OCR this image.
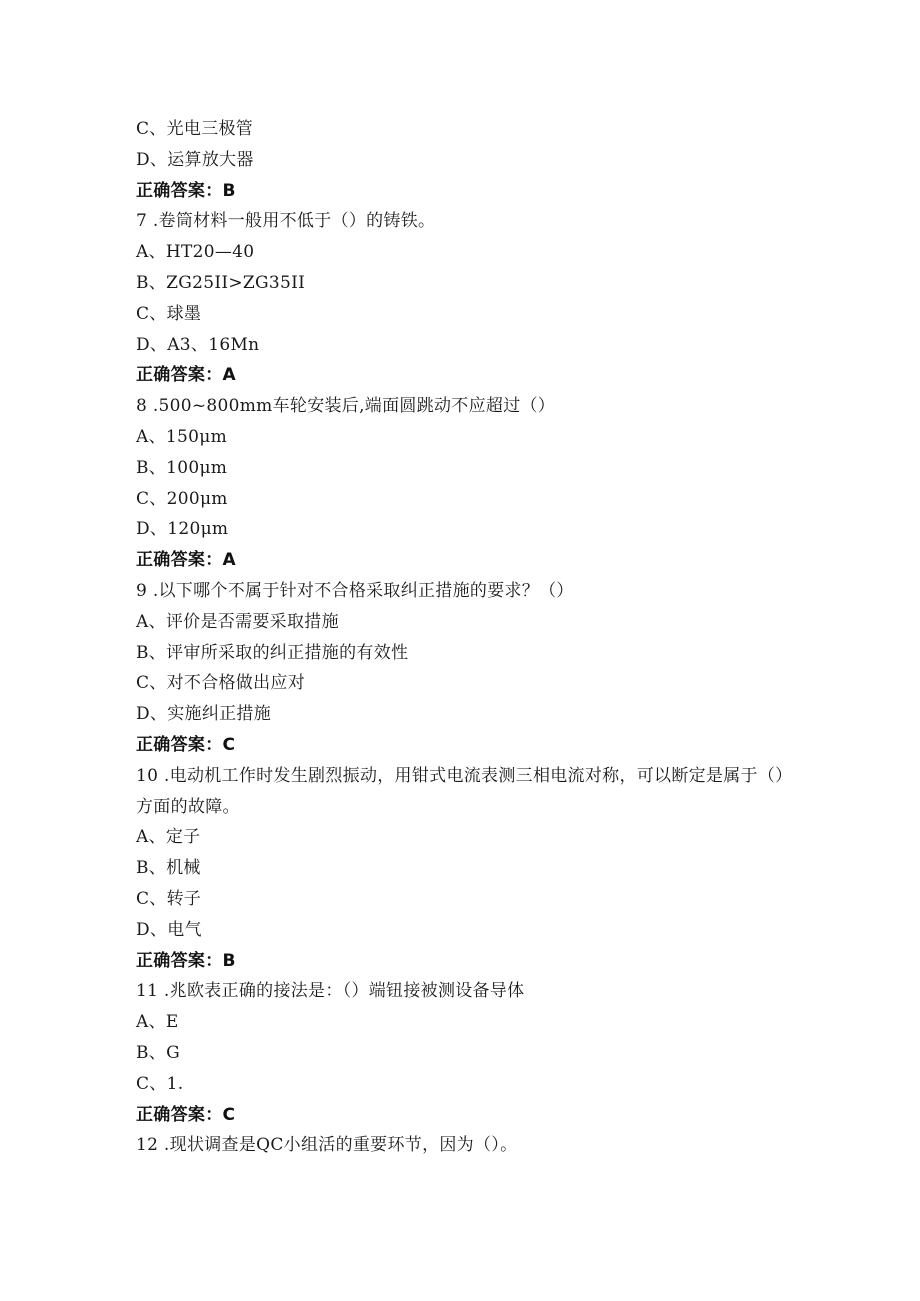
C、光电三极管
D、运算放大器
正确答案：B
7 .卷筒材料一般用不低于（）的铸铁。
A、HT20—40
B、ZG25II>ZG35II
C、球墨
D、A3、16Mn
正确答案：A
8 .500~800mm车轮安装后,端面圆跳动不应超过（）
A、150μm
B、100μm
C、200μm
D、120μm
正确答案：A
9 .以下哪个不属于针对不合格采取纠正措施的要求？（）
A、评价是否需要采取措施
B、评审所采取的纠正措施的有效性
C、对不合格做出应对
D、实施纠正措施
正确答案：C
10 .电动机工作时发生剧烈振动，用钳式电流表测三相电流对称，可以断定是属于（）方面的故障。
A、定子
B、机械
C、转子
D、电气
正确答案：B
11 .兆欧表正确的接法是：（）端钮接被测设备导体
A、E
B、G
C、1.
正确答案：C
12 .现状调查是QC小组活的重要环节，因为（）。
